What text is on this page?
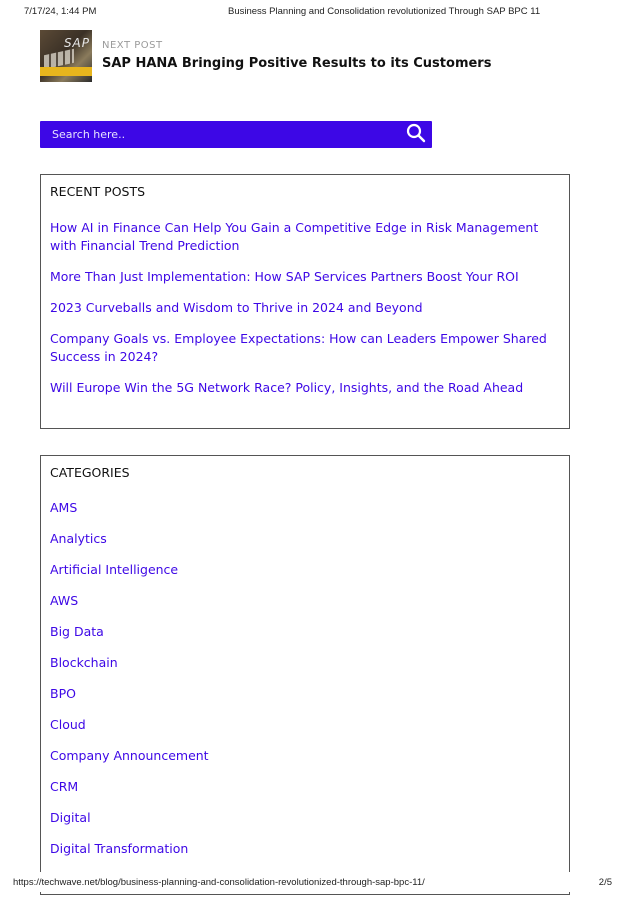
7/17/24, 1:44 PM	Business Planning and Consolidation revolutionized Through SAP BPC 11
SAP NEXT POST
SAP HANA Bringing Positive Results to its Customers
Search here..
RECENT POSTS
How AI in Finance Can Help You Gain a Competitive Edge in Risk Management with Financial Trend Prediction
More Than Just Implementation: How SAP Services Partners Boost Your ROI
2023 Curveballs and Wisdom to Thrive in 2024 and Beyond
Company Goals vs. Employee Expectations: How can Leaders Empower Shared Success in 2024?
Will Europe Win the 5G Network Race? Policy, Insights, and the Road Ahead
CATEGORIES
AMS
Analytics
Artificial Intelligence
AWS
Big Data
Blockchain
BPO
Cloud
Company Announcement
CRM
Digital
Digital Transformation
https://techwave.net/blog/business-planning-and-consolidation-revolutionized-through-sap-bpc-11/	2/5
